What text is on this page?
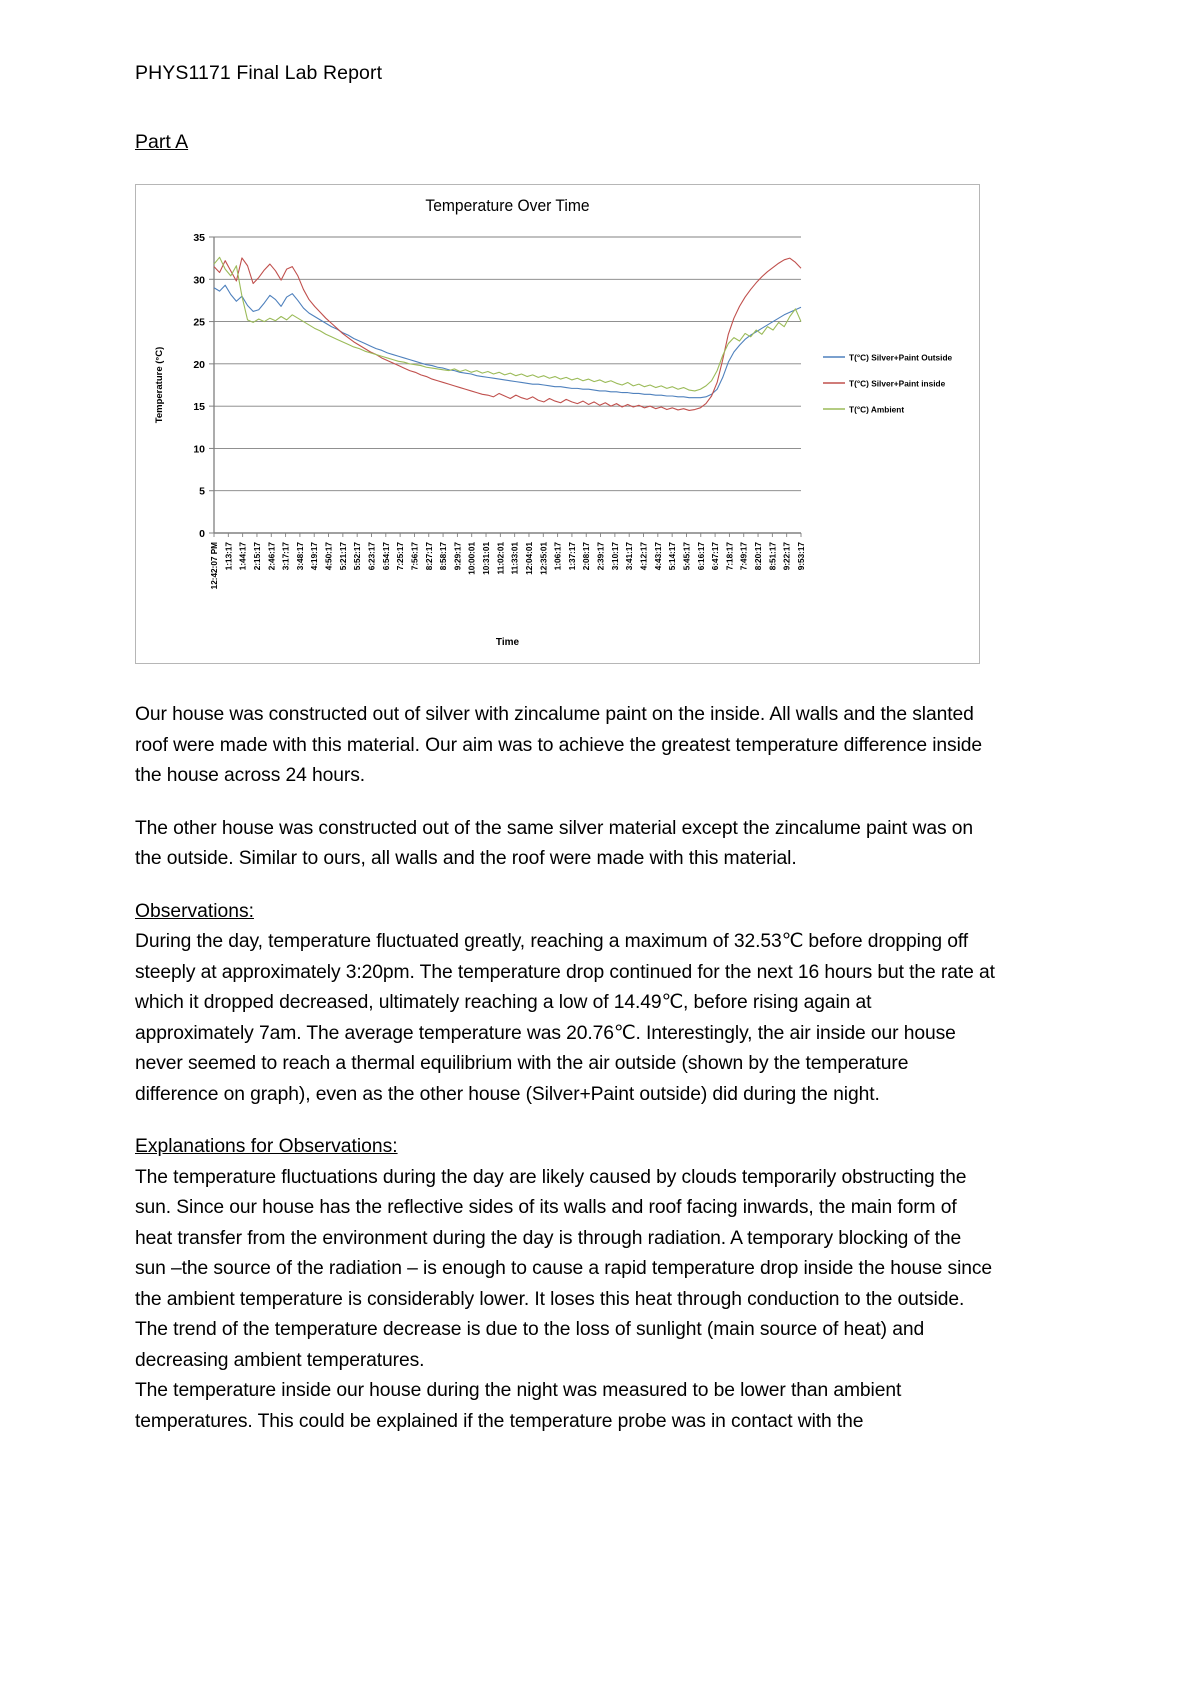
PHYS1171 Final Lab Report
Part A
Temperature Over Time
0
5
10
15
20
25
30
35
Temperature (°C)
12:42:07 PM 1:13:17 1:44:17 2:15:17 2:46:17 3:17:17 3:48:17 4:19:17 4:50:17 5:21:17 5:52:17 6:23:17 6:54:17 7:25:17 7:56:17 8:27:17 8:58:17 9:29:17 10:00:01 10:31:01 11:02:01 11:33:01 12:04:01 12:35:01 1:06:17 1:37:17 2:08:17 2:39:17 3:10:17 3:41:17 4:12:17 4:43:17 5:14:17 5:45:17 6:16:17 6:47:17 7:18:17 7:49:17 8:20:17 8:51:17 9:22:17 9:53:17
Time
T(°C) Silver+Paint Outside
T(°C) Silver+Paint inside
T(°C) Ambient

Our house was constructed out of silver with zincalume paint on the inside. All walls and the slanted roof were made with this material. Our aim was to achieve the greatest temperature difference inside the house across 24 hours.

The other house was constructed out of the same silver material except the zincalume paint was on the outside. Similar to ours, all walls and the roof were made with this material.

Observations:

During the day, temperature fluctuated greatly, reaching a maximum of 32.53℃ before dropping off steeply at approximately 3:20pm. The temperature drop continued for the next 16 hours but the rate at which it dropped decreased, ultimately reaching a low of 14.49℃, before rising again at approximately 7am. The average temperature was 20.76℃. Interestingly, the air inside our house never seemed to reach a thermal equilibrium with the air outside (shown by the temperature difference on graph), even as the other house (Silver+Paint outside) did during the night.

Explanations for Observations:

The temperature fluctuations during the day are likely caused by clouds temporarily obstructing the sun. Since our house has the reflective sides of its walls and roof facing inwards, the main form of heat transfer from the environment during the day is through radiation. A temporary blocking of the sun –the source of the radiation – is enough to cause a rapid temperature drop inside the house since the ambient temperature is considerably lower. It loses this heat through conduction to the outside.

The trend of the temperature decrease is due to the loss of sunlight (main source of heat) and decreasing ambient temperatures.

The temperature inside our house during the night was measured to be lower than ambient temperatures. This could be explained if the temperature probe was in contact with the
